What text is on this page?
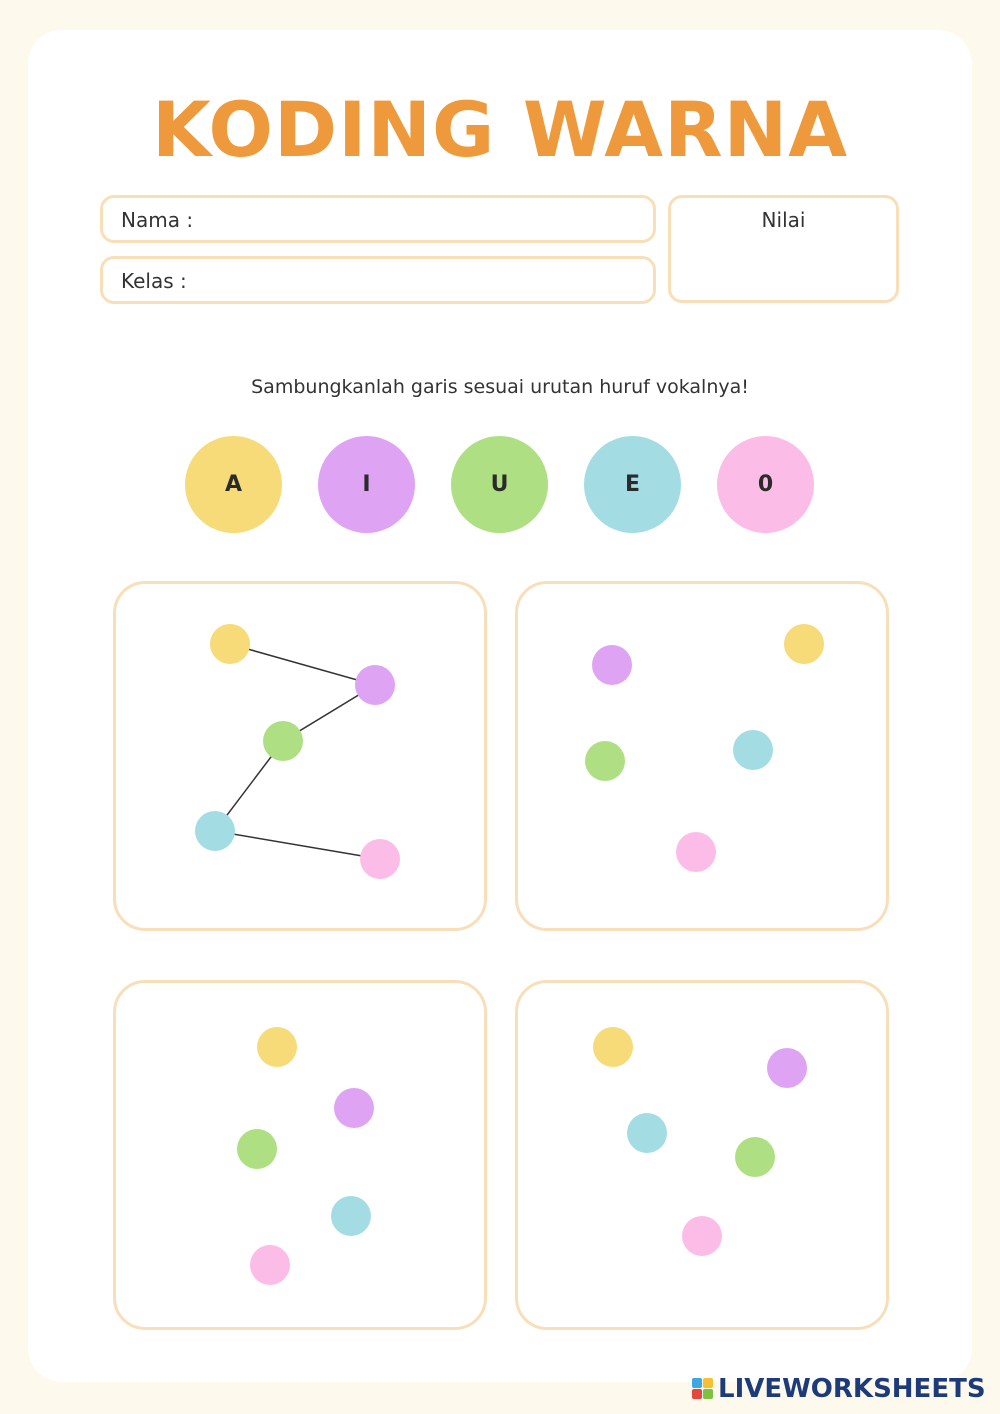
KODING WARNA
Nama :
Kelas :
Nilai
Sambungkanlah garis sesuai urutan huruf vokalnya!
A	I	U	E	0
LIVEWORKSHEETS
